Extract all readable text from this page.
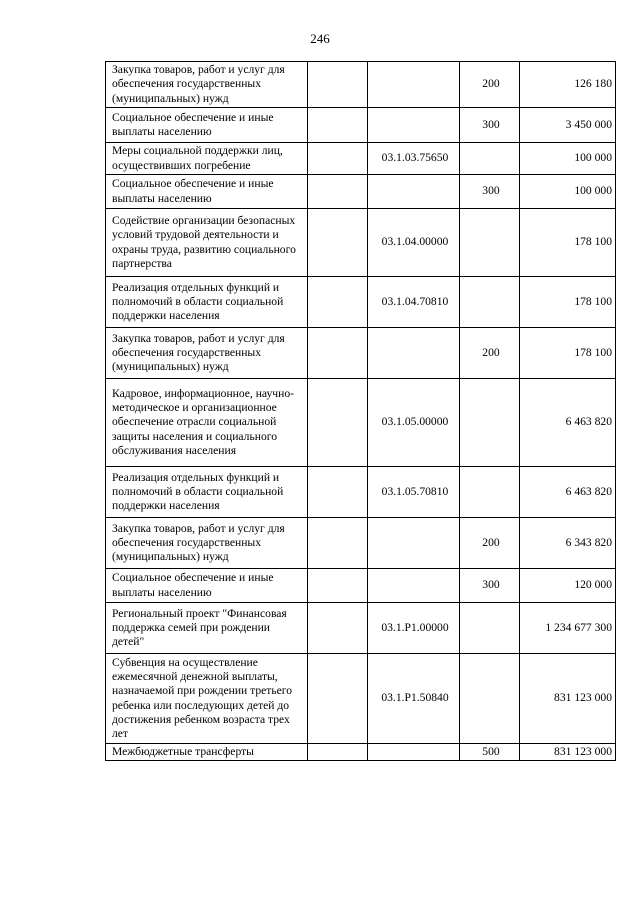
246
Закупка товаров, работ и услуг для обеспечения государственных (муниципальных) нужд			200	126 180
Социальное обеспечение и иные выплаты населению			300	3 450 000
Меры социальной поддержки лиц, осуществивших погребение		03.1.03.75650		100 000
Социальное обеспечение и иные выплаты населению			300	100 000
Содействие организации безопасных условий трудовой деятельности и охраны труда, развитию социального партнерства		03.1.04.00000		178 100
Реализация отдельных функций и полномочий в области социальной поддержки населения		03.1.04.70810		178 100
Закупка товаров, работ и услуг для обеспечения государственных (муниципальных) нужд			200	178 100
Кадровое, информационное, научно-методическое и организационное обеспечение отрасли социальной защиты населения и социального обслуживания населения		03.1.05.00000		6 463 820
Реализация отдельных функций и полномочий в области социальной поддержки населения		03.1.05.70810		6 463 820
Закупка товаров, работ и услуг для обеспечения государственных (муниципальных) нужд			200	6 343 820
Социальное обеспечение и иные выплаты населению			300	120 000
Региональный проект "Финансовая поддержка семей при рождении детей"		03.1.P1.00000		1 234 677 300
Субвенция на осуществление ежемесячной денежной выплаты, назначаемой при рождении третьего ребенка или последующих детей до достижения ребенком возраста трех лет		03.1.P1.50840		831 123 000
Межбюджетные трансферты			500	831 123 000
